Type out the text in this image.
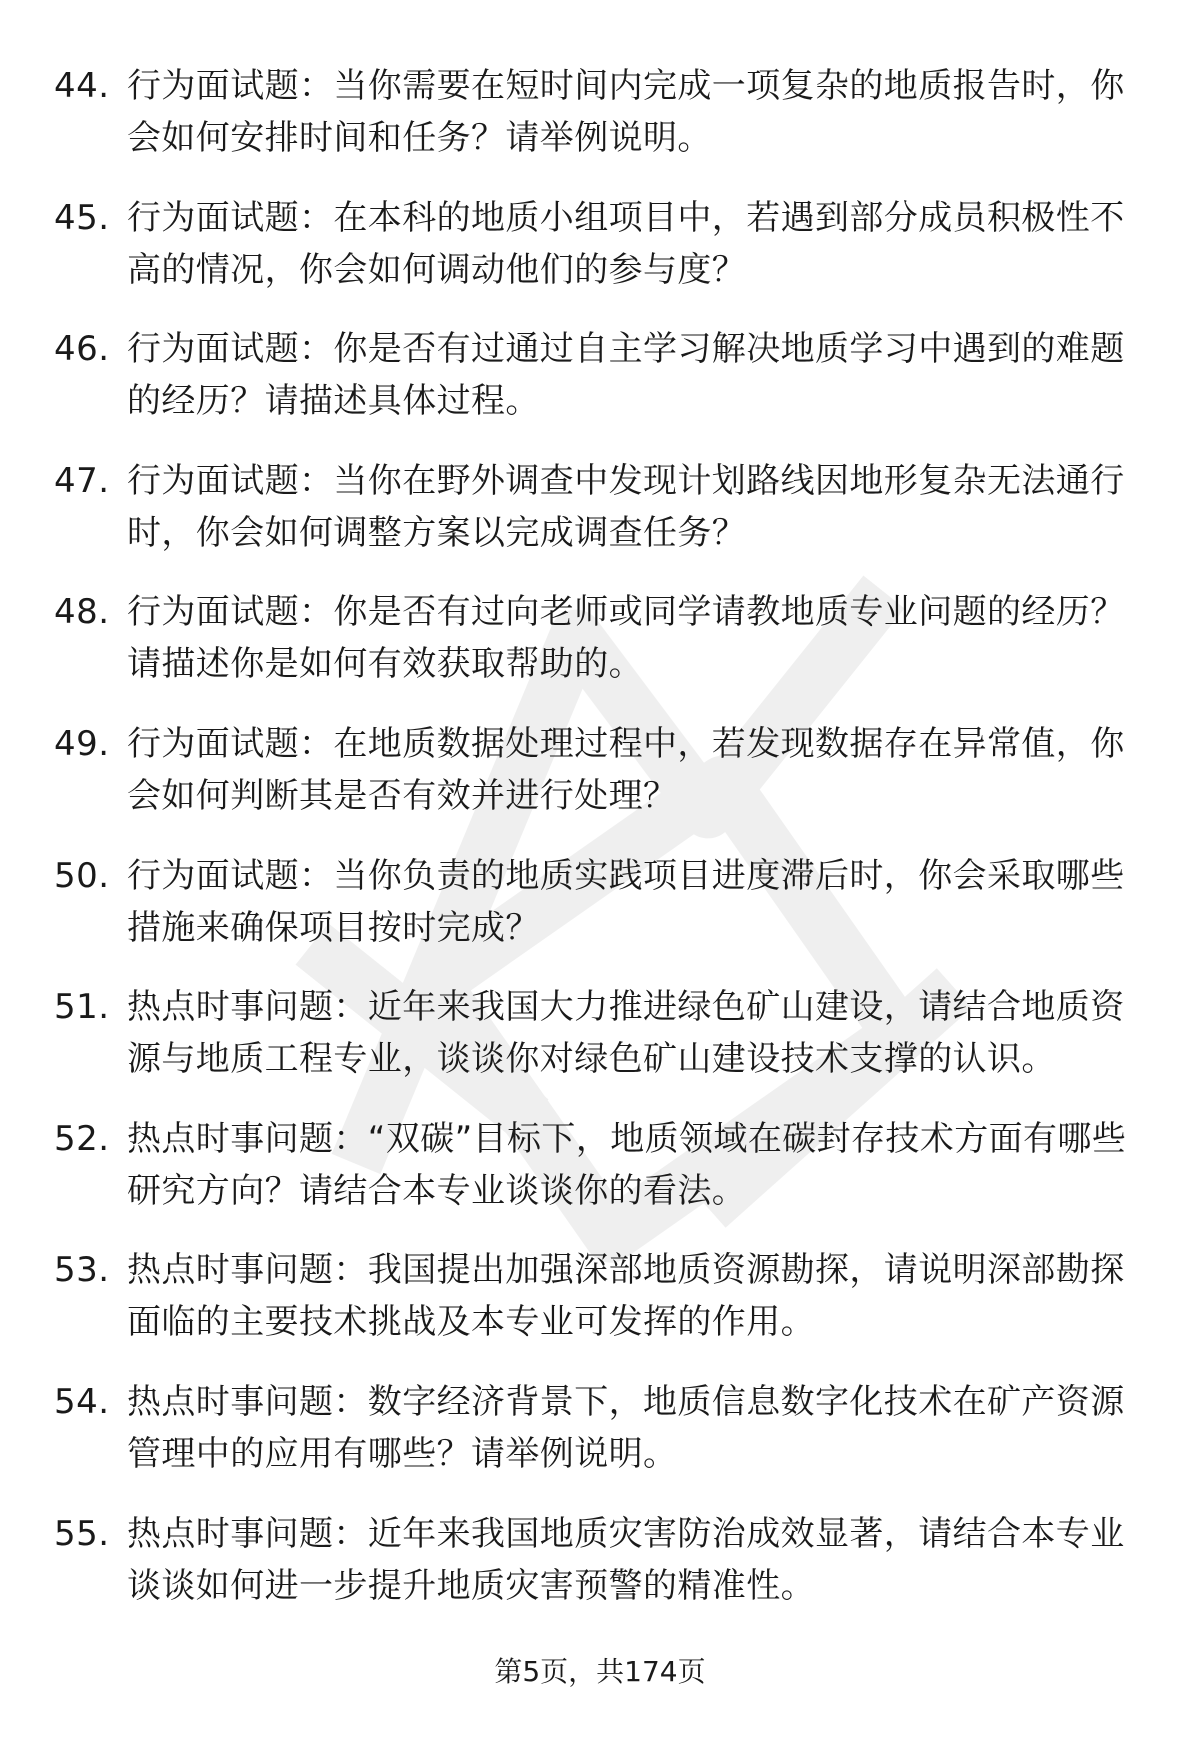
44. 行为面试题：当你需要在短时间内完成一项复杂的地质报告时，你会如何安排时间和任务？请举例说明。
45. 行为面试题：在本科的地质小组项目中，若遇到部分成员积极性不高的情况，你会如何调动他们的参与度？
46. 行为面试题：你是否有过通过自主学习解决地质学习中遇到的难题的经历？请描述具体过程。
47. 行为面试题：当你在野外调查中发现计划路线因地形复杂无法通行时，你会如何调整方案以完成调查任务？
48. 行为面试题：你是否有过向老师或同学请教地质专业问题的经历？请描述你是如何有效获取帮助的。
49. 行为面试题：在地质数据处理过程中，若发现数据存在异常值，你会如何判断其是否有效并进行处理？
50. 行为面试题：当你负责的地质实践项目进度滞后时，你会采取哪些措施来确保项目按时完成？
51. 热点时事问题：近年来我国大力推进绿色矿山建设，请结合地质资源与地质工程专业，谈谈你对绿色矿山建设技术支撑的认识。
52. 热点时事问题：“双碳”目标下，地质领域在碳封存技术方面有哪些研究方向？请结合本专业谈谈你的看法。
53. 热点时事问题：我国提出加强深部地质资源勘探，请说明深部勘探面临的主要技术挑战及本专业可发挥的作用。
54. 热点时事问题：数字经济背景下，地质信息数字化技术在矿产资源管理中的应用有哪些？请举例说明。
55. 热点时事问题：近年来我国地质灾害防治成效显著，请结合本专业谈谈如何进一步提升地质灾害预警的精准性。
第5页，共174页
